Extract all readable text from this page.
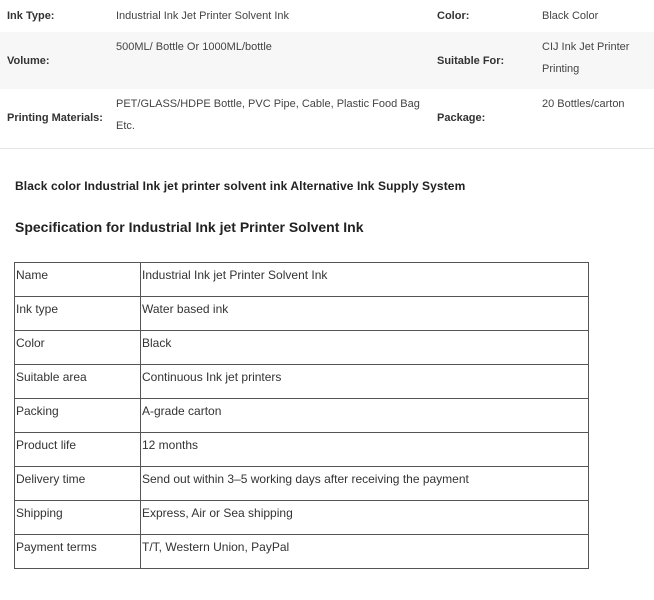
Ink Type:	Industrial Ink Jet Printer Solvent Ink	Color:	Black Color
Volume:	500ML/ Bottle Or 1000ML/bottle	Suitable For:	CIJ Ink Jet Printer Printing
Printing Materials:	PET/GLASS/HDPE Bottle, PVC Pipe, Cable, Plastic Food Bag Etc.	Package:	20 Bottles/carton
Black color Industrial Ink jet printer solvent ink Alternative Ink Supply System
Specification for Industrial Ink jet Printer Solvent Ink
Name	Industrial Ink jet Printer Solvent Ink
Ink type	Water based ink
Color	Black
Suitable area	Continuous Ink jet printers
Packing	A-grade carton
Product life	12 months
Delivery time	Send out within 3–5 working days after receiving the payment
Shipping	Express, Air or Sea shipping
Payment terms	T/T, Western Union, PayPal
